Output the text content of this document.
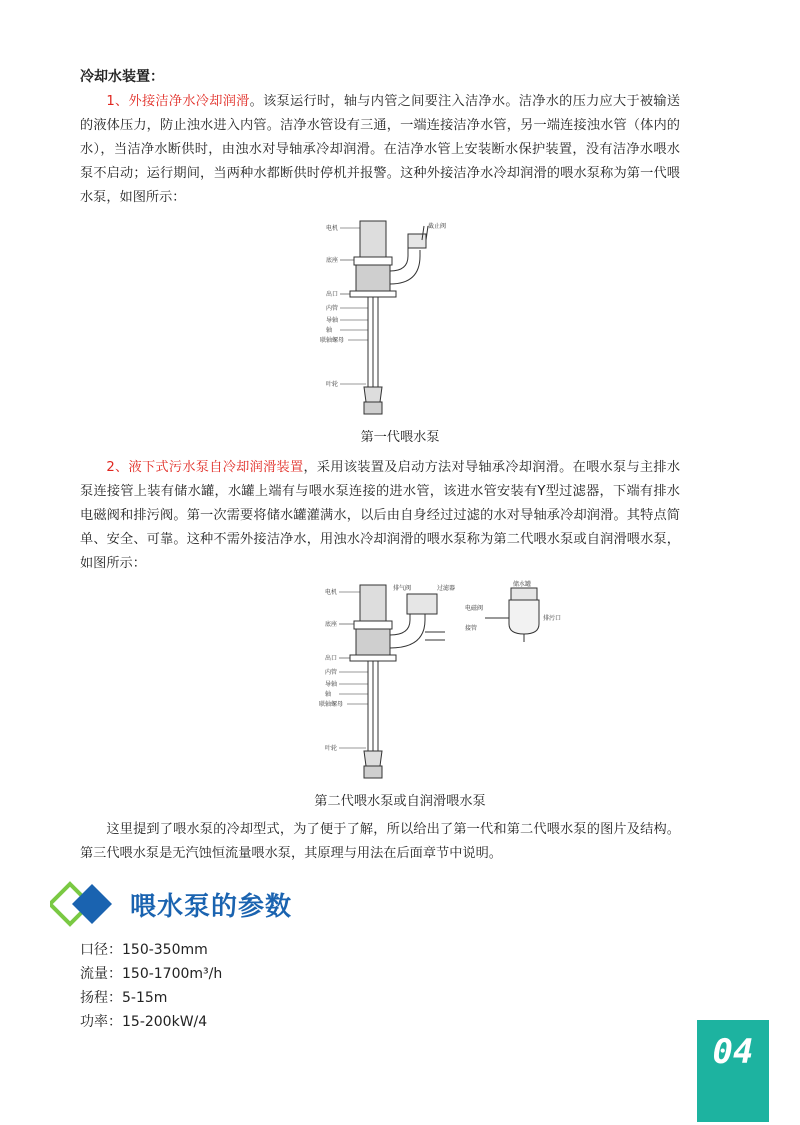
冷却水装置：

1、外接洁净水冷却润滑。该泵运行时，轴与内管之间要注入洁净水。洁净水的压力应大于被输送的液体压力，防止浊水进入内管。洁净水管设有三通，一端连接洁净水管，另一端连接浊水管（体内的水），当洁净水断供时，由浊水对导轴承冷却润滑。在洁净水管上安装断水保护装置，没有洁净水喂水泵不启动；运行期间，当两种水都断供时停机并报警。这种外接洁净水冷却润滑的喂水泵称为第一代喂水泵，如图所示：

电机
底座
出口
内管
导轴
轴
联轴螺母
叶轮
截止阀
第一代喂水泵

2、液下式污水泵自冷却润滑装置，采用该装置及启动方法对导轴承冷却润滑。在喂水泵与主排水泵连接管上装有储水罐，水罐上端有与喂水泵连接的进水管，该进水管安装有Y型过滤器，下端有排水电磁阀和排污阀。第一次需要将储水罐灌满水，以后由自身经过过滤的水对导轴承冷却润滑。其特点简单、安全、可靠。这种不需外接洁净水，用浊水冷却润滑的喂水泵称为第二代喂水泵或自润滑喂水泵，如图所示：

电机
底座
出口
内管
导轴
轴
联轴螺母
叶轮
排气阀	过滤器
储水罐
电磁阀
排污口
接管
第二代喂水泵或自润滑喂水泵

这里提到了喂水泵的冷却型式，为了便于了解，所以给出了第一代和第二代喂水泵的图片及结构。第三代喂水泵是无汽蚀恒流量喂水泵，其原理与用法在后面章节中说明。

喂水泵的参数
口径：150-350mm
流量：150-1700m³/h
扬程：5-15m
功率：15-200kW/4
04
